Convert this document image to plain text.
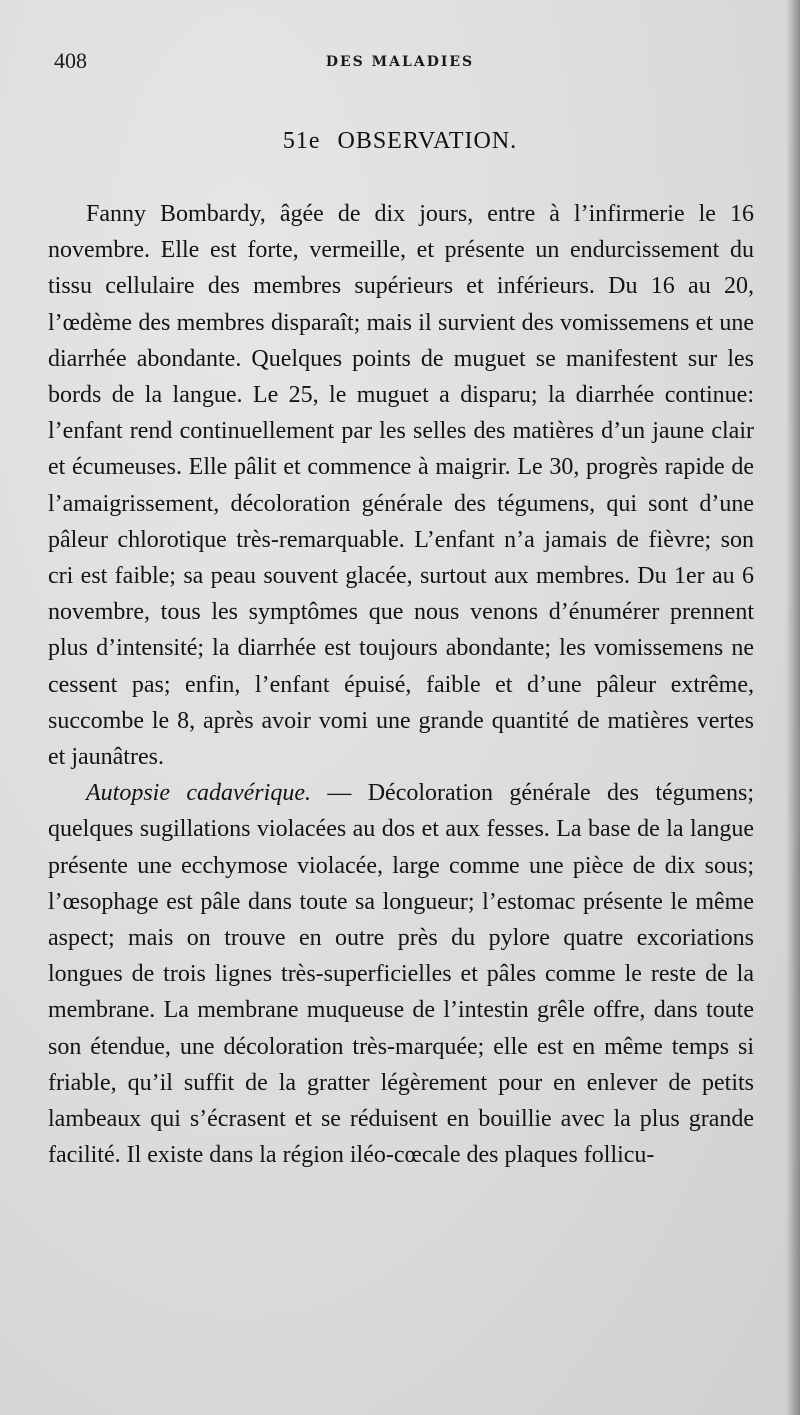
408	DES MALADIES
51e OBSERVATION.

Fanny Bombardy, âgée de dix jours, entre à l’infirmerie le 16 novembre. Elle est forte, vermeille, et présente un endurcissement du tissu cellulaire des membres supérieurs et inférieurs. Du 16 au 20, l’œdème des membres disparaît; mais il survient des vomissemens et une diarrhée abondante. Quelques points de muguet se manifestent sur les bords de la langue. Le 25, le muguet a disparu; la diarrhée continue: l’enfant rend continuellement par les selles des matières d’un jaune clair et écumeuses. Elle pâlit et commence à maigrir. Le 30, progrès rapide de l’amaigrissement, décoloration générale des tégumens, qui sont d’une pâleur chlorotique très-remarquable. L’enfant n’a jamais de fièvre; son cri est faible; sa peau souvent glacée, surtout aux membres. Du 1er au 6 novembre, tous les symptômes que nous venons d’énumérer prennent plus d’intensité; la diarrhée est toujours abondante; les vomissemens ne cessent pas; enfin, l’enfant épuisé, faible et d’une pâleur extrême, succombe le 8, après avoir vomi une grande quantité de matières vertes et jaunâtres.

Autopsie cadavérique. — Décoloration générale des tégumens; quelques sugillations violacées au dos et aux fesses. La base de la langue présente une ecchymose violacée, large comme une pièce de dix sous; l’œsophage est pâle dans toute sa longueur; l’estomac présente le même aspect; mais on trouve en outre près du pylore quatre excoriations longues de trois lignes très-superficielles et pâles comme le reste de la membrane. La membrane muqueuse de l’intestin grêle offre, dans toute son étendue, une décoloration très-marquée; elle est en même temps si friable, qu’il suffit de la gratter légèrement pour en enlever de petits lambeaux qui s’écrasent et se réduisent en bouillie avec la plus grande facilité. Il existe dans la région iléo-cœcale des plaques follicu-
